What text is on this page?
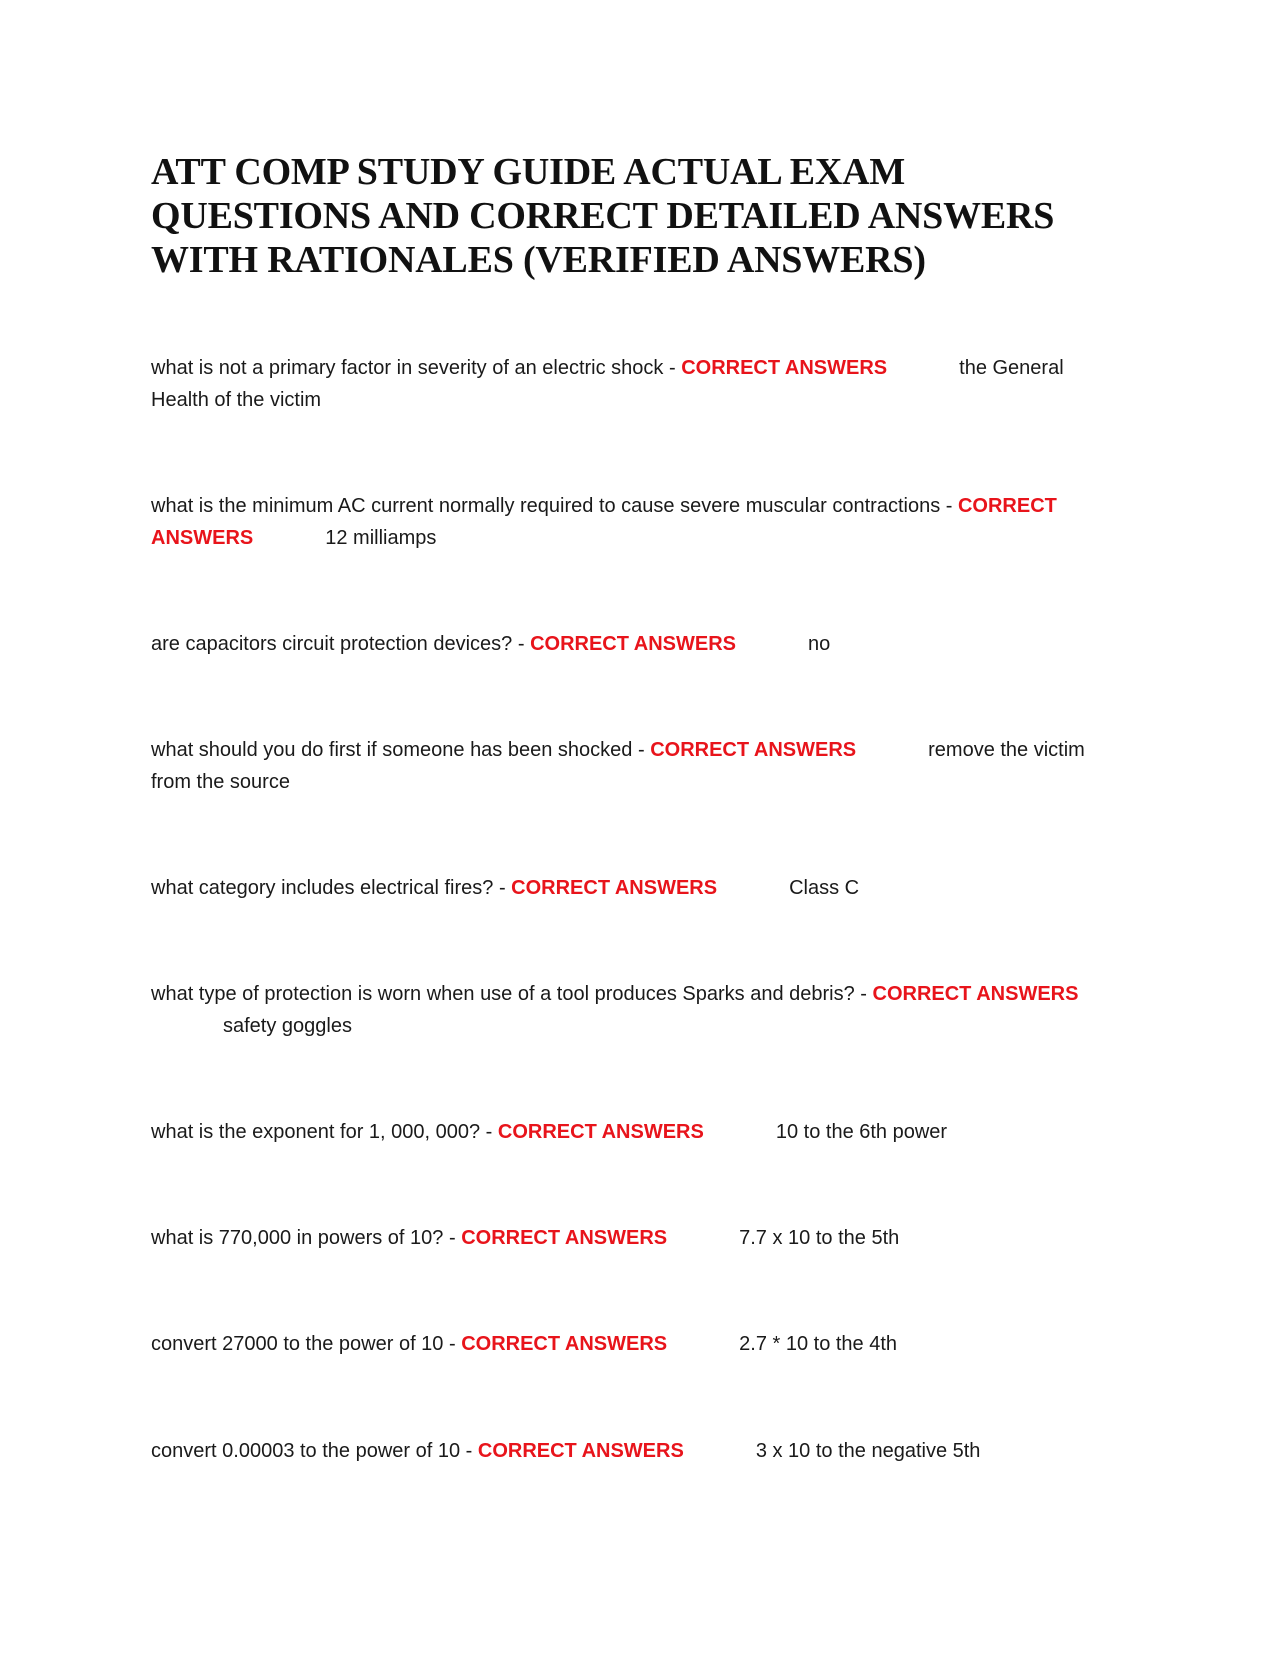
ATT COMP STUDY GUIDE ACTUAL EXAM
QUESTIONS AND CORRECT DETAILED ANSWERS
WITH RATIONALES (VERIFIED ANSWERS)

what is not a primary factor in severity of an electric shock - CORRECT ANSWERS	the General Health of the victim

what is the minimum AC current normally required to cause severe muscular contractions - CORRECT ANSWERS	12 milliamps

are capacitors circuit protection devices? - CORRECT ANSWERS	no

what should you do first if someone has been shocked - CORRECT ANSWERS	remove the victim from the source

what category includes electrical fires? - CORRECT ANSWERS	Class C

what type of protection is worn when use of a tool produces Sparks and debris? - CORRECT ANSWERSsafety goggles

what is the exponent for 1, 000, 000? - CORRECT ANSWERS	10 to the 6th power

what is 770,000 in powers of 10? - CORRECT ANSWERS	7.7 x 10 to the 5th

convert 27000 to the power of 10 - CORRECT ANSWERS	2.7 * 10 to the 4th

convert 0.00003 to the power of 10 - CORRECT ANSWERS	3 x 10 to the negative 5th
